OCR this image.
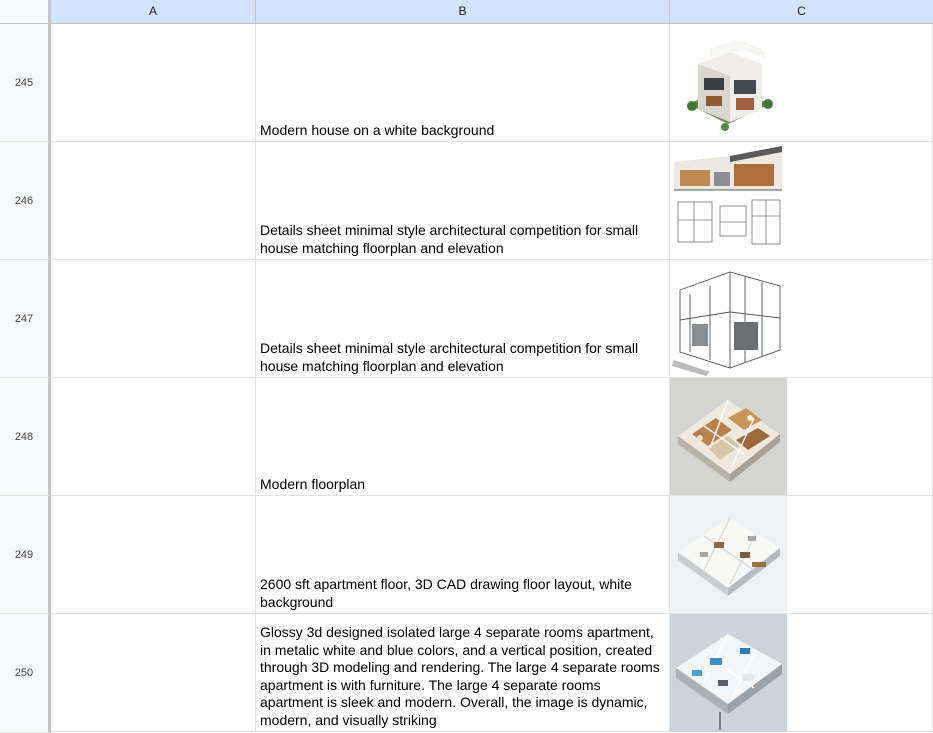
A	B	C
245
Modern house on a white background
246
Details sheet minimal style architectural competition for small house matching floorplan and elevation
247
Details sheet minimal style architectural competition for small house matching floorplan and elevation
248
Modern floorplan
249
2600 sft apartment floor, 3D CAD drawing floor layout, white background
250
Glossy 3d designed isolated large 4 separate rooms apartment, in metalic white and blue colors, and a vertical position, created through 3D modeling and rendering. The large 4 separate rooms apartment is with furniture. The large 4 separate rooms apartment is sleek and modern. Overall, the image is dynamic, modern, and visually striking
